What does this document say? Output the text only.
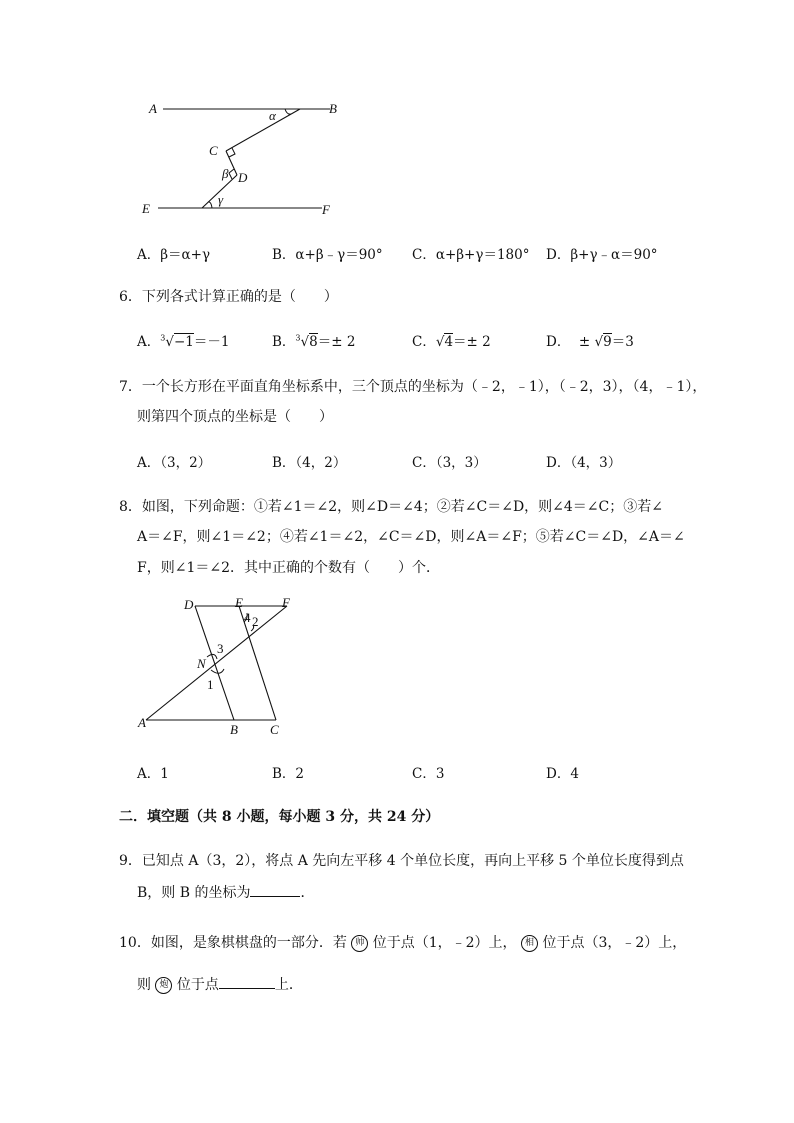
A	B
α
C
β D
γ
E	F
A．β＝α+γ	B．α+β﹣γ＝90° C．α+β+γ＝180° D．β+γ﹣α＝90°
6．下列各式计算正确的是（　　）
A．$^3$√−1＝－1	B．$^3$√8＝± 2	C．√4＝± 2	D． ± √9＝3
7．一个长方形在平面直角坐标系中，三个顶点的坐标为（﹣2，﹣1），（﹣2，3），（4，﹣1），
则第四个顶点的坐标是（　　）
A．（3，2）	B．（4，2）	C．（3，3）	D．（4，3）
8．如图，下列命题：①若∠1＝∠2，则∠D＝∠4；②若∠C＝∠D，则∠4＝∠C；③若∠
A＝∠F，则∠1＝∠2；④若∠1＝∠2，∠C＝∠D，则∠A＝∠F；⑤若∠C＝∠D，∠A＝∠
F，则∠1＝∠2．其中正确的个数有（　　）个．
D	E	F
4 2
3
N
1
A	B C
A．1	B．2	C．3	D．4
二．填空题（共 8 小题，每小题 3 分，共 24 分）
9．已知点 A（3，2），将点 A 先向左平移 4 个单位长度，再向上平移 5 个单位长度得到点
B，则 B 的坐标为	．
10．如图，是象棋棋盘的一部分．若 帅 位于点（1，﹣2）上， 相 位于点（3，﹣2）上，
则 炮 位于点	上．
